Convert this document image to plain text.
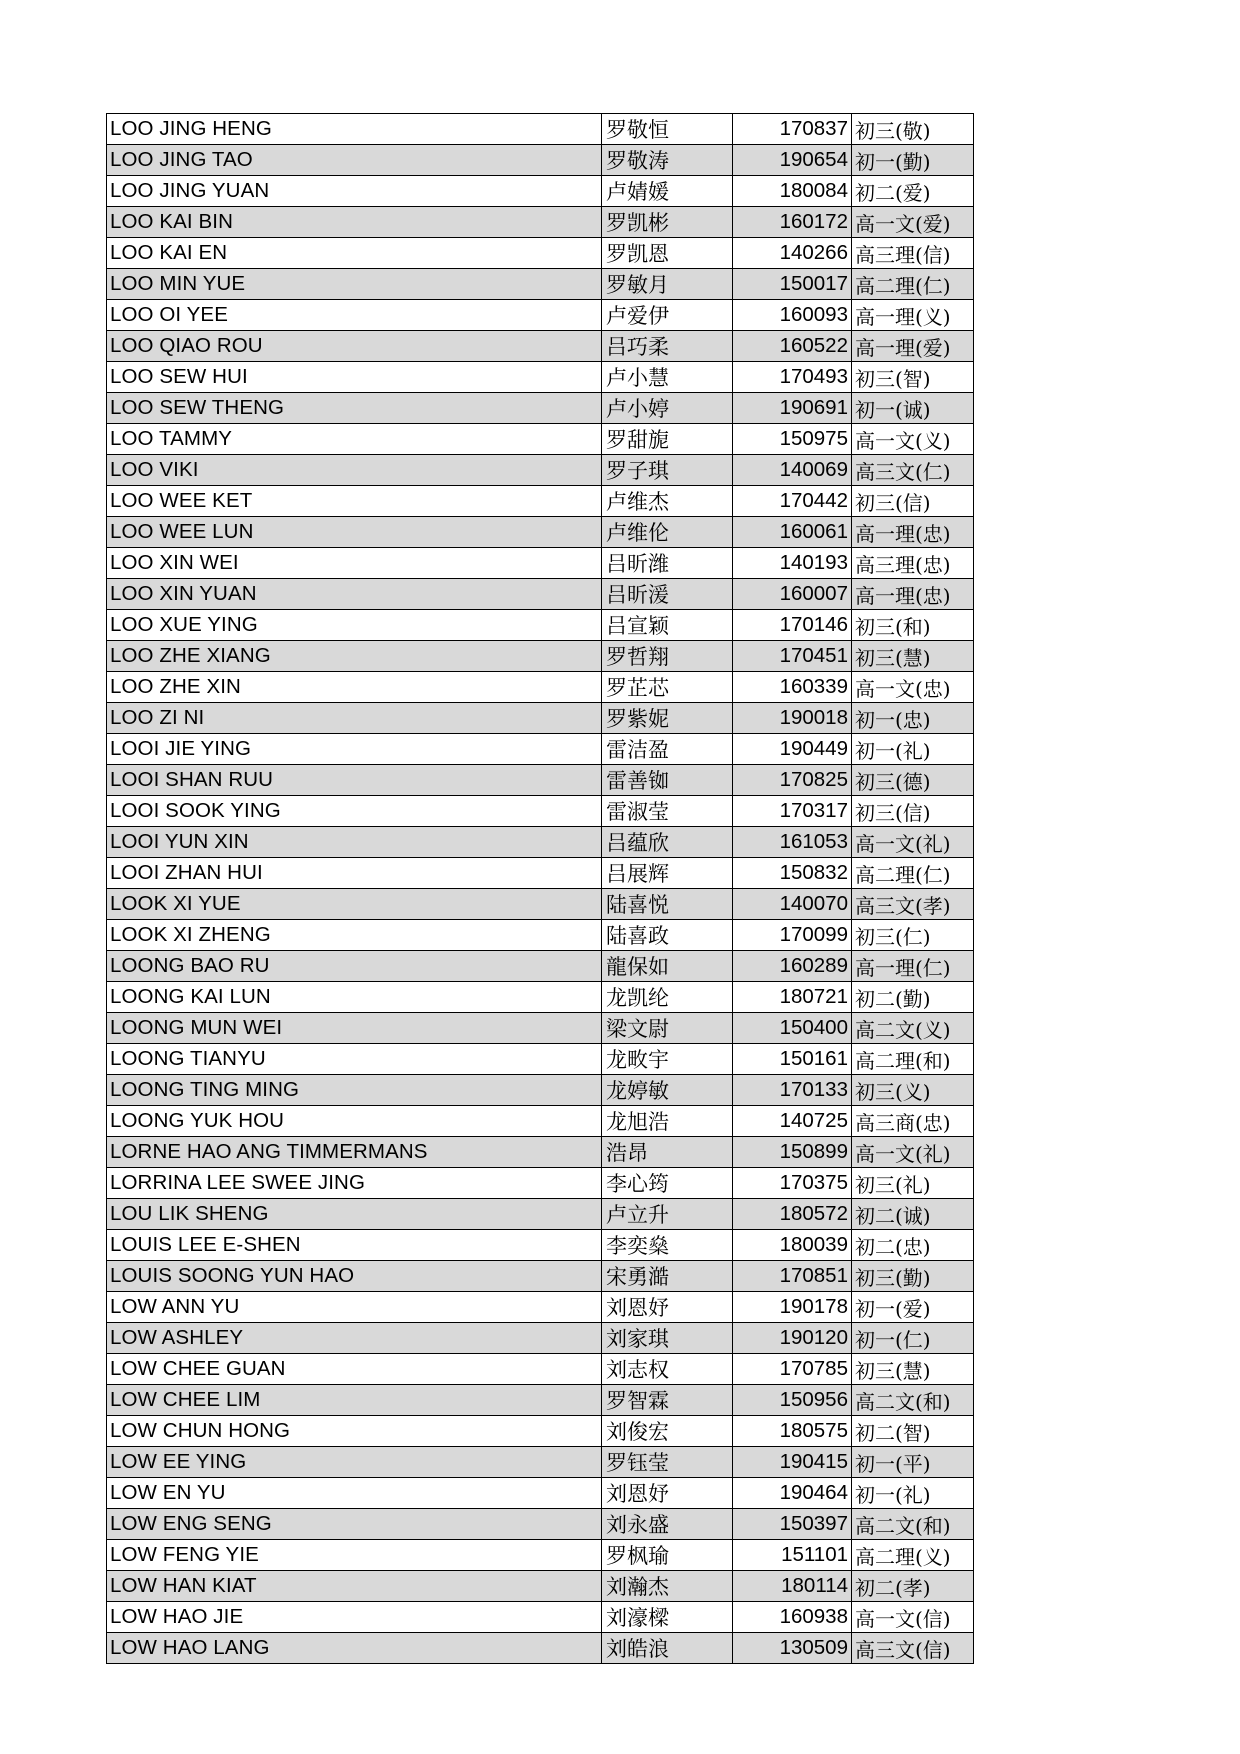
LOO JING HENG	罗敬恒	170837	初三(敬)
LOO JING TAO	罗敬涛	190654	初一(勤)
LOO JING YUAN	卢婧媛	180084	初二(爱)
LOO KAI BIN	罗凯彬	160172	高一文(爱)
LOO KAI EN	罗凯恩	140266	高三理(信)
LOO MIN YUE	罗敏月	150017	高二理(仁)
LOO OI YEE	卢爱伊	160093	高一理(义)
LOO QIAO ROU	吕巧柔	160522	高一理(爱)
LOO SEW HUI	卢小慧	170493	初三(智)
LOO SEW THENG	卢小婷	190691	初一(诚)
LOO TAMMY	罗甜旎	150975	高一文(义)
LOO VIKI	罗子琪	140069	高三文(仁)
LOO WEE KET	卢维杰	170442	初三(信)
LOO WEE LUN	卢维伦	160061	高一理(忠)
LOO XIN WEI	吕昕潍	140193	高三理(忠)
LOO XIN YUAN	吕昕湲	160007	高一理(忠)
LOO XUE YING	吕宣颖	170146	初三(和)
LOO ZHE XIANG	罗哲翔	170451	初三(慧)
LOO ZHE XIN	罗芷芯	160339	高一文(忠)
LOO ZI NI	罗紫妮	190018	初一(忠)
LOOI JIE YING	雷洁盈	190449	初一(礼)
LOOI SHAN RUU	雷善铷	170825	初三(德)
LOOI SOOK YING	雷淑莹	170317	初三(信)
LOOI YUN XIN	吕蕴欣	161053	高一文(礼)
LOOI ZHAN HUI	吕展辉	150832	高二理(仁)
LOOK XI YUE	陆喜悦	140070	高三文(孝)
LOOK XI ZHENG	陆喜政	170099	初三(仁)
LOONG BAO RU	龍保如	160289	高一理(仁)
LOONG KAI LUN	龙凯纶	180721	初二(勤)
LOONG MUN WEI	梁文尉	150400	高二文(义)
LOONG TIANYU	龙畋宇	150161	高二理(和)
LOONG TING MING	龙婷敏	170133	初三(义)
LOONG YUK HOU	龙旭浩	140725	高三商(忠)
LORNE HAO ANG TIMMERMANS	浩昂	150899	高一文(礼)
LORRINA LEE SWEE JING	李心筠	170375	初三(礼)
LOU LIK SHENG	卢立升	180572	初二(诚)
LOUIS LEE E-SHEN	李奕燊	180039	初二(忠)
LOUIS SOONG YUN HAO	宋勇澔	170851	初三(勤)
LOW ANN YU	刘恩妤	190178	初一(爱)
LOW ASHLEY	刘家琪	190120	初一(仁)
LOW CHEE GUAN	刘志权	170785	初三(慧)
LOW CHEE LIM	罗智霖	150956	高二文(和)
LOW CHUN HONG	刘俊宏	180575	初二(智)
LOW EE YING	罗钰莹	190415	初一(平)
LOW EN YU	刘恩妤	190464	初一(礼)
LOW ENG SENG	刘永盛	150397	高二文(和)
LOW FENG YIE	罗枫瑜	151101	高二理(义)
LOW HAN KIAT	刘瀚杰	180114	初二(孝)
LOW HAO JIE	刘濠樑	160938	高一文(信)
LOW HAO LANG	刘皓浪	130509	高三文(信)
